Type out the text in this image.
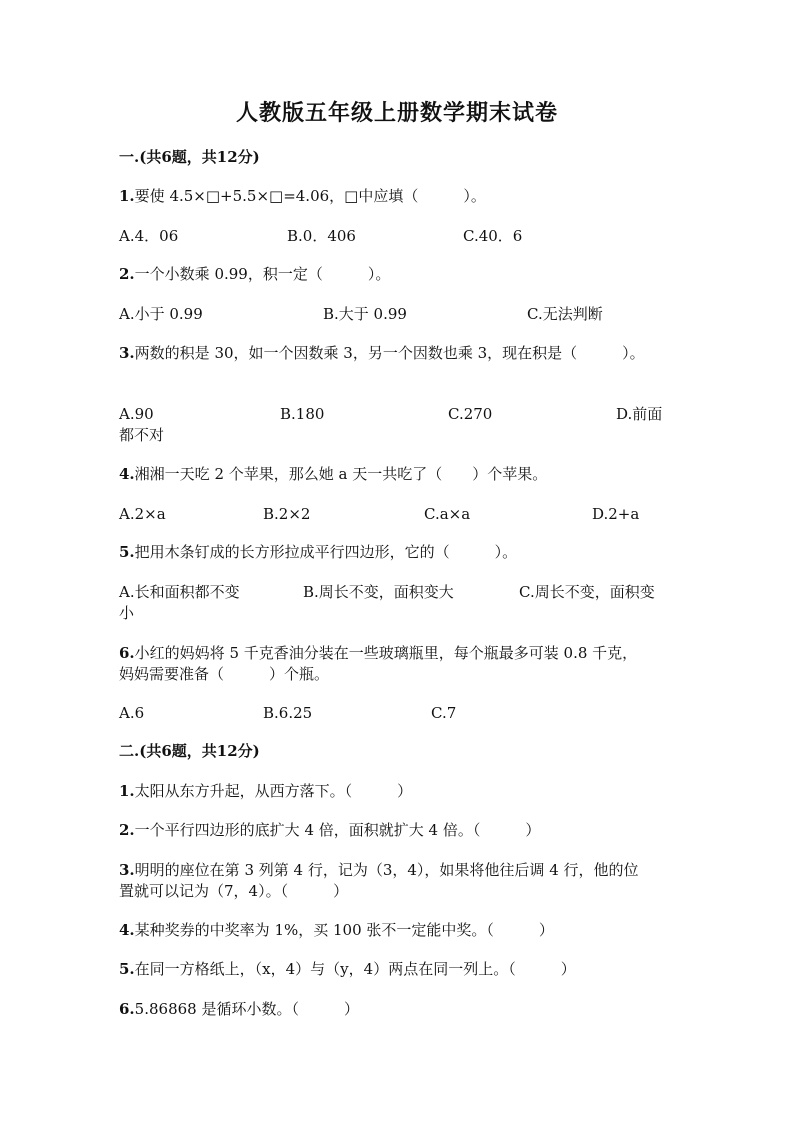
人教版五年级上册数学期末试卷
一.(共6题，共12分)
1.要使 4.5×□+5.5×□=4.06，□中应填（　　　）。
A.4．06	B.0．406	C.40．6
2.一个小数乘 0.99，积一定（　　　）。
A.小于 0.99	B.大于 0.99	C.无法判断
3.两数的积是 30，如一个因数乘 3，另一个因数也乘 3，现在积是（　　　）。
A.90	B.180	C.270	D.前面
都不对
4.湘湘一天吃 2 个苹果，那么她 a 天一共吃了（　　）个苹果。
A.2×a	B.2×2	C.a×a	D.2+a
5.把用木条钉成的长方形拉成平行四边形，它的（　　　）。
A.长和面积都不变	B.周长不变，面积变大	C.周长不变，面积变
小
6.小红的妈妈将 5 千克香油分装在一些玻璃瓶里，每个瓶最多可装 0.8 千克，
妈妈需要准备（　　　）个瓶。
A.6	B.6.25	C.7
二.(共6题，共12分)
1.太阳从东方升起，从西方落下。（　　　）
2.一个平行四边形的底扩大 4 倍，面积就扩大 4 倍。（　　　）
3.明明的座位在第 3 列第 4 行，记为（3，4），如果将他往后调 4 行，他的位
置就可以记为（7，4）。（　　　）
4.某种奖券的中奖率为 1%，买 100 张不一定能中奖。（　　　）
5.在同一方格纸上，（x，4）与（y，4）两点在同一列上。（　　　）
6.5.86868 是循环小数。（　　　）
